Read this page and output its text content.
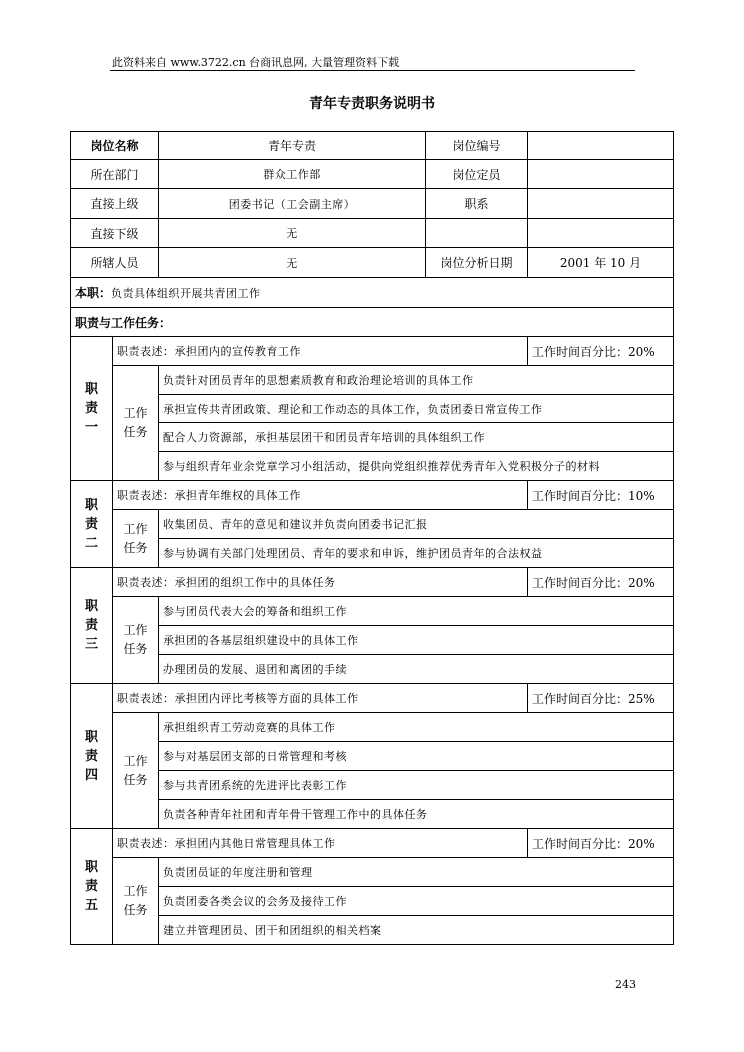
此资料来自 www.3722.cn 台商讯息网, 大量管理资料下载
青年专责职务说明书
岗位名称		青年专责	岗位编号	
所在部门		群众工作部	岗位定员	
直接上级		团委书记（工会副主席）	职系	
直接下级		无		
所辖人员		无	岗位分析日期	2001 年 10 月
本职：负责具体组织开展共青团工作				
职责与工作任务：				
职责一	职责表述：承担团内的宣传教育工作			工作时间百分比：20%
	工作任务	负责针对团员青年的思想素质教育和政治理论培训的具体工作		
		承担宣传共青团政策、理论和工作动态的具体工作，负责团委日常宣传工作		
		配合人力资源部，承担基层团干和团员青年培训的具体组织工作		
		参与组织青年业余党章学习小组活动，提供向党组织推荐优秀青年入党积极分子的材料		
职责二	职责表述：承担青年维权的具体工作			工作时间百分比：10%
	工作任务	收集团员、青年的意见和建议并负责向团委书记汇报		
		参与协调有关部门处理团员、青年的要求和申诉，维护团员青年的合法权益		
职责三	职责表述：承担团的组织工作中的具体任务			工作时间百分比：20%
	工作任务	参与团员代表大会的筹备和组织工作		
		承担团的各基层组织建设中的具体工作		
		办理团员的发展、退团和离团的手续		
职责四	职责表述：承担团内评比考核等方面的具体工作			工作时间百分比：25%
	工作任务	承担组织青工劳动竞赛的具体工作		
		参与对基层团支部的日常管理和考核		
		参与共青团系统的先进评比表彰工作		
		负责各种青年社团和青年骨干管理工作中的具体任务		
职责五	职责表述：承担团内其他日常管理具体工作			工作时间百分比：20%
	工作任务	负责团员证的年度注册和管理		
		负责团委各类会议的会务及接待工作		
		建立并管理团员、团干和团组织的相关档案		
243
